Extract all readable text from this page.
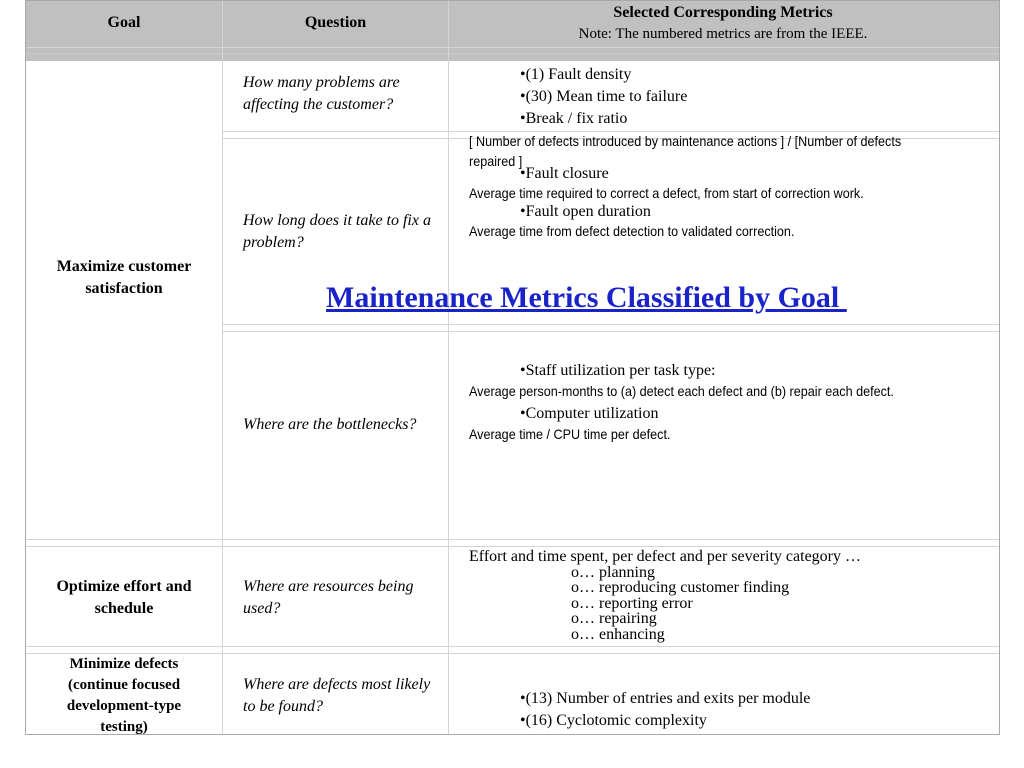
Goal	Question
Selected Corresponding Metrics
Note: The numbered metrics are from the IEEE.
Maximize customer satisfaction
How many problems are affecting the customer?
•(1) Fault density
•(30) Mean time to failure
•Break / fix ratio
[ Number of defects introduced by maintenance actions ] / [Number of defects repaired ]
How long does it take to fix a problem?
•Fault closure
Average time required to correct a defect, from start of correction work.
•Fault open duration
Average time from defect detection to validated correction.
Maintenance Metrics Classified by Goal
Where are the bottlenecks?
•Staff utilization per task type:
Average person-months to (a) detect each defect and (b) repair each defect.
•Computer utilization
Average time / CPU time per defect.
Optimize effort and schedule
Where are resources being used?
Effort and time spent, per defect and per severity category …
o… planning
o… reproducing customer finding
o… reporting error
o… repairing
o… enhancing
Minimize defects (continue focused development-type testing)
Where are defects most likely to be found?	•(13) Number of entries and exits per module
•(16) Cyclotomic complexity
